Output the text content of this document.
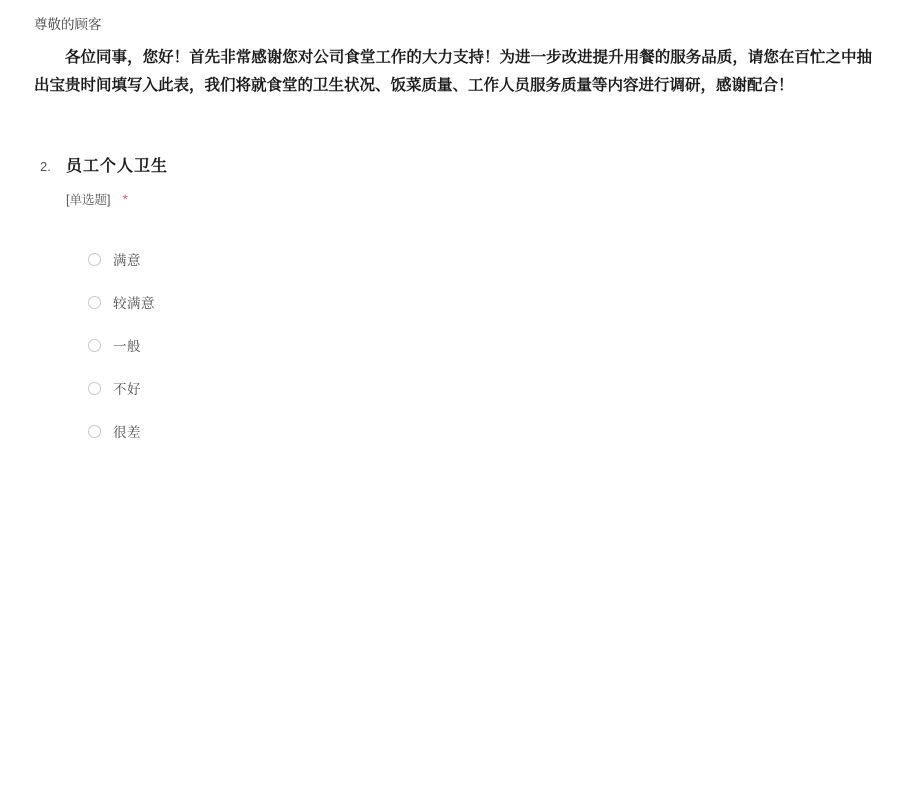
尊敬的顾客

各位同事，您好！首先非常感谢您对公司食堂工作的大力支持！为进一步改进提升用餐的服务品质，请您在百忙之中抽出宝贵时间填写入此表，我们将就食堂的卫生状况、饭菜质量、工作人员服务质量等内容进行调研，感谢配合！

2. 员工个人卫生
[单选题] *
满意
较满意
一般
不好
很差
